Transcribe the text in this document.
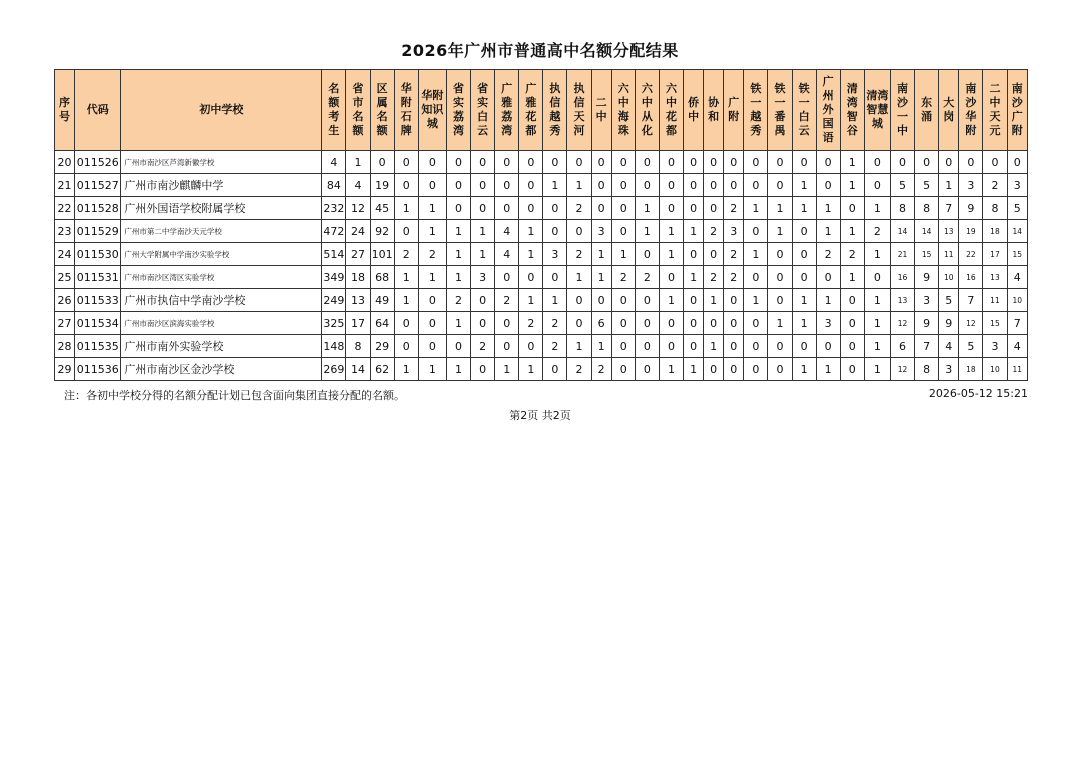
2026年广州市普通高中名额分配结果
序号	代码	初中学校	名额考生	省市名额	区属名额	华附石牌	华附知识城	省实荔湾	省实白云	广雅荔湾	广雅花都	执信越秀	执信天河	二中	六中海珠	六中从化	六中花都	侨中	协和	广附	铁一越秀	铁一番禺	铁一白云	广州外国语	清湾智谷	清湾智慧城	南沙一中	东涌	大岗	南沙华附	二中天元	南沙广附
20	011526	广州市南沙区芦湾新徽学校	4	1	0	0	0	0	0	0	0	0	0	0	0	0	0	0	0	0	0	0	0	0	1	0	0	0	0	0	0	0
21	011527	广州市南沙麒麟中学	84	4	19	0	0	0	0	0	0	1	1	0	0	0	0	0	0	0	0	0	1	0	1	0	5	5	1	3	2	3
22	011528	广州外国语学校附属学校	232	12	45	1	1	0	0	0	0	0	2	0	0	1	0	0	0	2	1	1	1	1	0	1	8	8	7	9	8	5
23	011529	广州市第二中学南沙天元学校	472	24	92	0	1	1	1	4	1	0	0	3	0	1	1	1	2	3	0	1	0	1	1	2	14	14	13	19	18	14
24	011530	广州大学附属中学南沙实验学校	514	27	101	2	2	1	1	4	1	3	2	1	1	0	1	0	0	2	1	0	0	2	2	1	21	15	11	22	17	15
25	011531	广州市南沙区湾区实验学校	349	18	68	1	1	1	3	0	0	0	1	1	2	2	0	1	2	2	0	0	0	0	1	0	16	9	10	16	13	4
26	011533	广州市执信中学南沙学校	249	13	49	1	0	2	0	2	1	1	0	0	0	0	1	0	1	0	1	0	1	1	0	1	13	3	5	7	11	10
27	011534	广州市南沙区滨海实验学校	325	17	64	0	0	1	0	0	2	2	0	6	0	0	0	0	0	0	0	1	1	3	0	1	12	9	9	12	15	7
28	011535	广州市南外实验学校	148	8	29	0	0	0	2	0	0	2	1	1	0	0	0	0	1	0	0	0	0	0	0	1	6	7	4	5	3	4
29	011536	广州市南沙区金沙学校	269	14	62	1	1	1	0	1	1	0	2	2	0	0	1	1	0	0	0	0	1	1	0	1	12	8	3	18	10	11
注：各初中学校分得的名额分配计划已包含面向集团直接分配的名额。	2026-05-12 15:21
第2页 共2页
